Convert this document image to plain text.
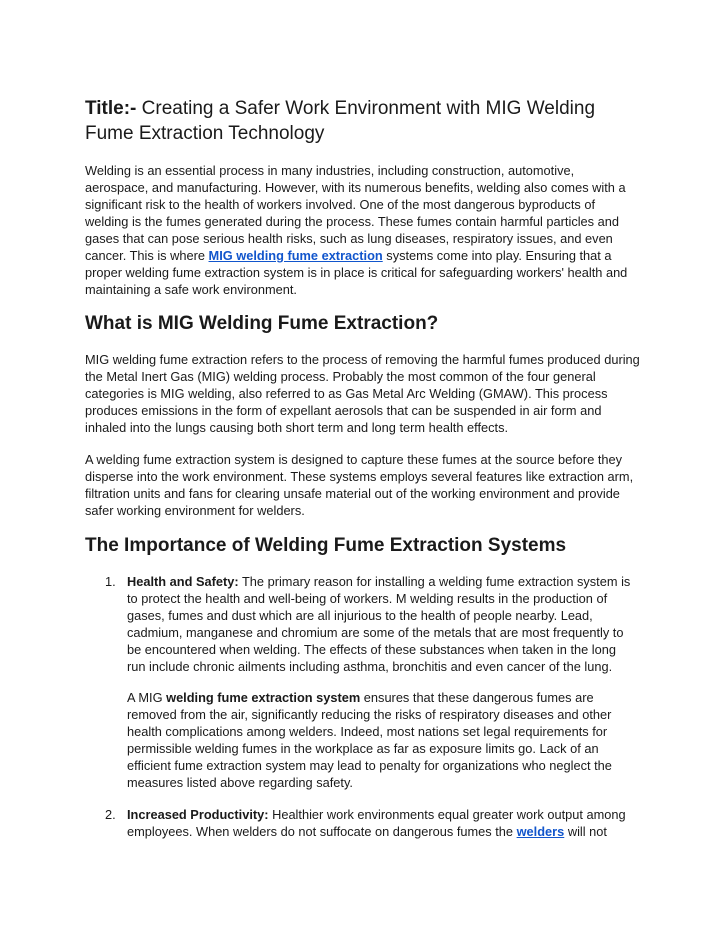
Title:- Creating a Safer Work Environment with MIG Welding Fume Extraction Technology

Welding is an essential process in many industries, including construction, automotive, aerospace, and manufacturing. However, with its numerous benefits, welding also comes with a significant risk to the health of workers involved. One of the most dangerous byproducts of welding is the fumes generated during the process. These fumes contain harmful particles and gases that can pose serious health risks, such as lung diseases, respiratory issues, and even cancer. This is where MIG welding fume extraction systems come into play. Ensuring that a proper welding fume extraction system is in place is critical for safeguarding workers' health and maintaining a safe work environment.

What is MIG Welding Fume Extraction?

MIG welding fume extraction refers to the process of removing the harmful fumes produced during the Metal Inert Gas (MIG) welding process. Probably the most common of the four general categories is MIG welding, also referred to as Gas Metal Arc Welding (GMAW). This process produces emissions in the form of expellant aerosols that can be suspended in air form and inhaled into the lungs causing both short term and long term health effects.

A welding fume extraction system is designed to capture these fumes at the source before they disperse into the work environment. These systems employs several features like extraction arm, filtration units and fans for clearing unsafe material out of the working environment and provide safer working environment for welders.

The Importance of Welding Fume Extraction Systems
1. Health and Safety: The primary reason for installing a welding fume extraction system is to protect the health and well-being of workers. M welding results in the production of gases, fumes and dust which are all injurious to the health of people nearby. Lead, cadmium, manganese and chromium are some of the metals that are most frequently to be encountered when welding. The effects of these substances when taken in the long run include chronic ailments including asthma, bronchitis and even cancer of the lung.

A MIG welding fume extraction system ensures that these dangerous fumes are removed from the air, significantly reducing the risks of respiratory diseases and other health complications among welders. Indeed, most nations set legal requirements for permissible welding fumes in the workplace as far as exposure limits go. Lack of an efficient fume extraction system may lead to penalty for organizations who neglect the measures listed above regarding safety.

2. Increased Productivity: Healthier work environments equal greater work output among employees. When welders do not suffocate on dangerous fumes the welders will not
